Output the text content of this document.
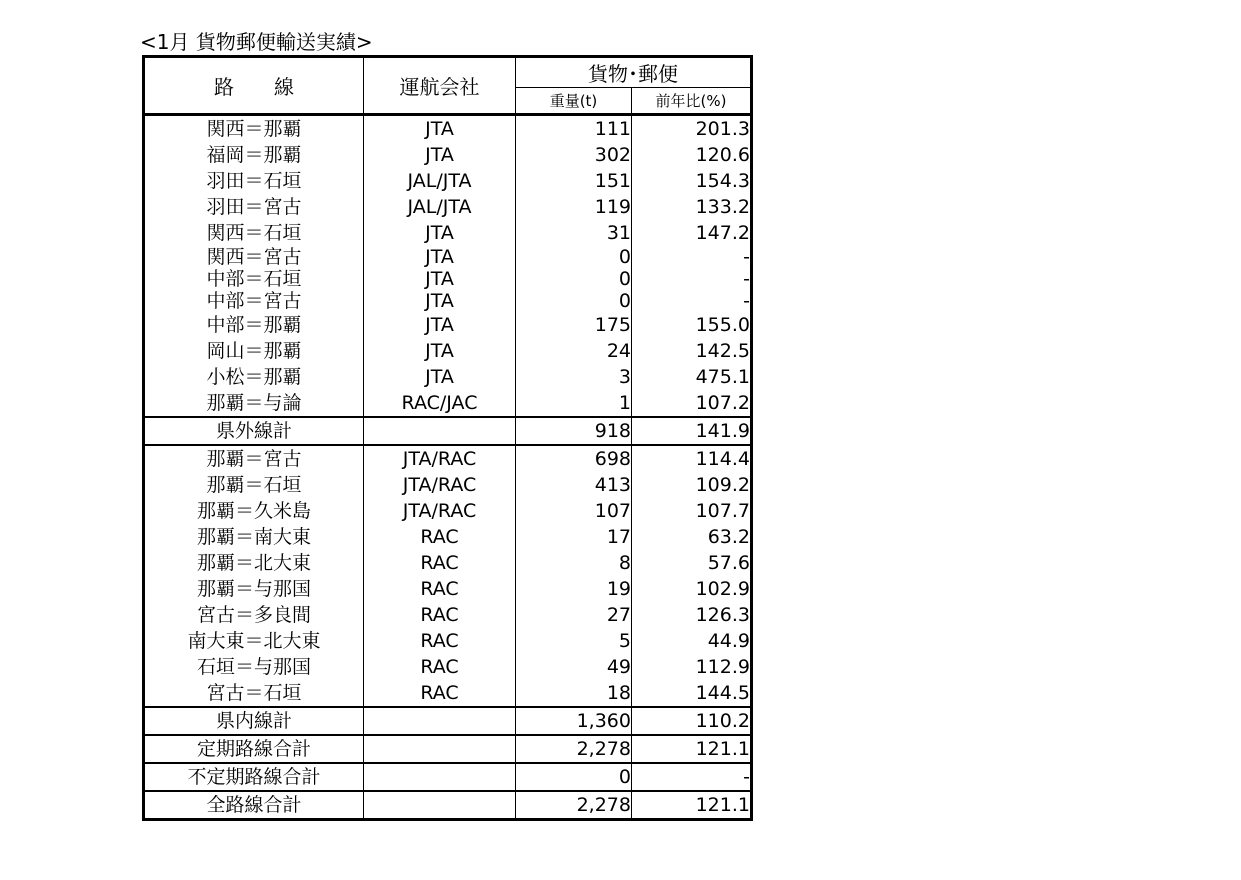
<1月 貨物郵便輸送実績>
路　　線	運航会社	貨物･郵便	
		重量(t)	前年比(%)
関西＝那覇	JTA	111	201.3
福岡＝那覇	JTA	302	120.6
羽田＝石垣	JAL/JTA	151	154.3
羽田＝宮古	JAL/JTA	119	133.2
関西＝石垣	JTA	31	147.2
関西＝宮古	JTA	0	-
中部＝石垣	JTA	0	-
中部＝宮古	JTA	0	-
中部＝那覇	JTA	175	155.0
岡山＝那覇	JTA	24	142.5
小松＝那覇	JTA	3	475.1
那覇＝与論	RAC/JAC	1	107.2
県外線計		918	141.9
那覇＝宮古	JTA/RAC	698	114.4
那覇＝石垣	JTA/RAC	413	109.2
那覇＝久米島	JTA/RAC	107	107.7
那覇＝南大東	RAC	17	63.2
那覇＝北大東	RAC	8	57.6
那覇＝与那国	RAC	19	102.9
宮古＝多良間	RAC	27	126.3
南大東＝北大東	RAC	5	44.9
石垣＝与那国	RAC	49	112.9
宮古＝石垣	RAC	18	144.5
県内線計		1,360	110.2
定期路線合計		2,278	121.1
不定期路線合計		0	-
全路線合計		2,278	121.1
